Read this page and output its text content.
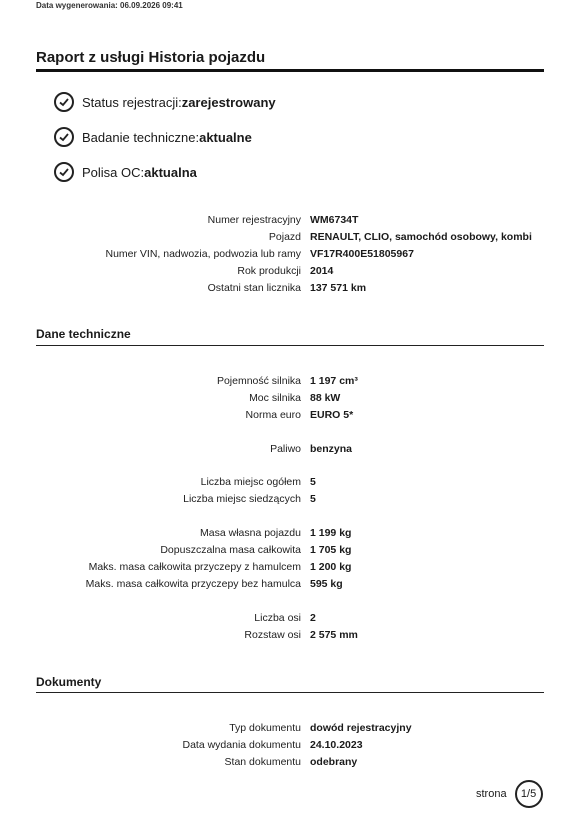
Data wygenerowania: 06.09.2026 09:41
Raport z usługi Historia pojazdu
Status rejestracji: zarejestrowany
Badanie techniczne: aktualne
Polisa OC: aktualna
Numer rejestracyjny WM6734T
Pojazd RENAULT, CLIO, samochód osobowy, kombi
Numer VIN, nadwozia, podwozia lub ramy VF17R400E51805967
Rok produkcji 2014
Ostatni stan licznika 137 571 km
Dane techniczne
Pojemność silnika 1 197 cm³
Moc silnika 88 kW
Norma euro EURO 5*
Paliwo benzyna
Liczba miejsc ogółem 5
Liczba miejsc siedzących 5
Masa własna pojazdu 1 199 kg
Dopuszczalna masa całkowita 1 705 kg
Maks. masa całkowita przyczepy z hamulcem 1 200 kg
Maks. masa całkowita przyczepy bez hamulca 595 kg
Liczba osi 2
Rozstaw osi 2 575 mm
Dokumenty
Typ dokumentu dowód rejestracyjny
Data wydania dokumentu 24.10.2023
Stan dokumentu odebrany
strona	1/5
